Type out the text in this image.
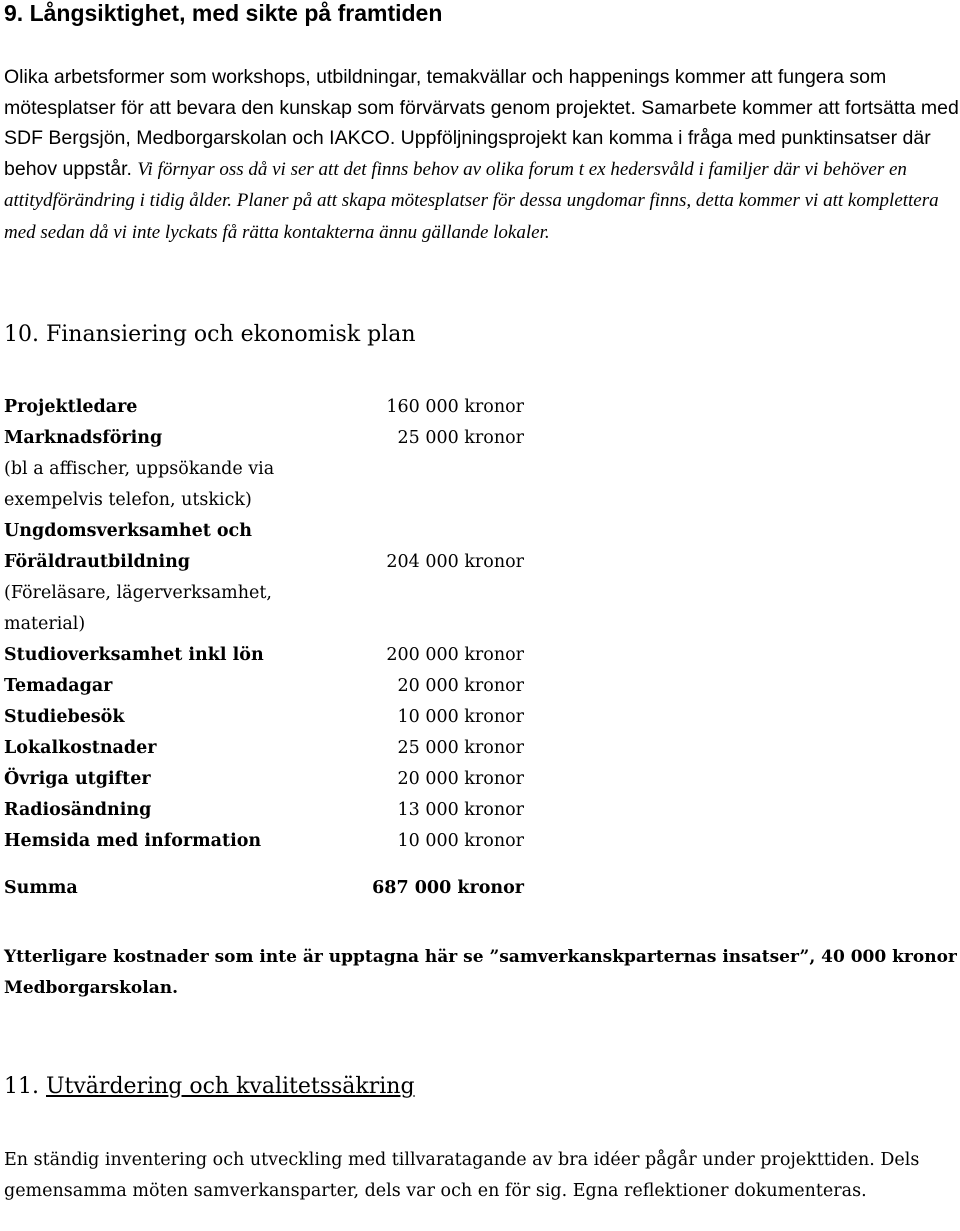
9. Långsiktighet, med sikte på framtiden

Olika arbetsformer som workshops, utbildningar, temakvällar och happenings kommer att fungera som mötesplatser för att bevara den kunskap som förvärvats genom projektet. Samarbete kommer att fortsätta med SDF Bergsjön, Medborgarskolan och IAKCO. Uppföljningsprojekt kan komma i fråga med punktinsatser där behov uppstår. Vi förnyar oss då vi ser att det finns behov av olika forum t ex hedersvåld i familjer där vi behöver en attitydförändring i tidig ålder. Planer på att skapa mötesplatser för dessa ungdomar finns, detta kommer vi att komplettera med sedan då vi inte lyckats få rätta kontakterna ännu gällande lokaler.

10. Finansiering och ekonomisk plan
Projektledare	160 000 kronor
Marknadsföring	25 000 kronor
(bl a affischer, uppsökande via
exempelvis telefon, utskick)
Ungdomsverksamhet och
Föräldrautbildning	204 000 kronor
(Föreläsare, lägerverksamhet,
material)
Studioverksamhet inkl lön	200 000 kronor
Temadagar	20 000 kronor
Studiebesök	10 000 kronor
Lokalkostnader	25 000 kronor
Övriga utgifter	20 000 kronor
Radiosändning	13 000 kronor
Hemsida med information	10 000 kronor
Summa	687 000 kronor

Ytterligare kostnader som inte är upptagna här se ”samverkanskparternas insatser”, 40 000 kronor Medborgarskolan.

11. Utvärdering och kvalitetssäkring

En ständig inventering och utveckling med tillvaratagande av bra idéer pågår under projekttiden. Dels gemensamma möten samverkansparter, dels var och en för sig. Egna reflektioner dokumenteras.
